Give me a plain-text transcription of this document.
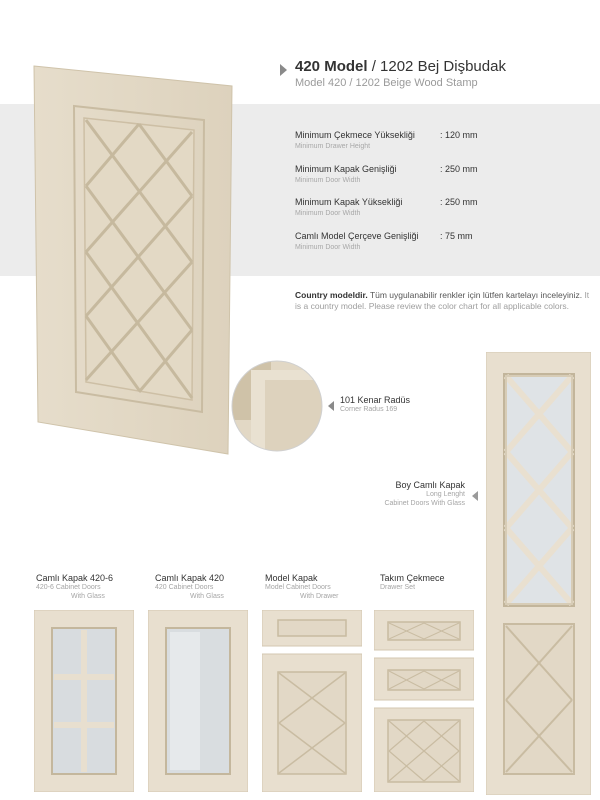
420 Model / 1202 Bej Dişbudak
Model 420 / 1202 Beige Wood Stamp
Minimum Çekmece Yüksekliği	: 120 mm
Minimum Drawer Height
Minimum Kapak Genişliği	: 250 mm
Minimum Door Width
Minimum Kapak Yüksekliği	: 250 mm
Minimum Door Width
Camlı Model Çerçeve Genişliği : 75 mm
Minimum Door Width
Country modeldir. Tüm uygulanabilir renkler için lütfen kartelayı inceleyiniz. It is a country model. Please review the color chart for all applicable colors.
101 Kenar Radüs
Corner Radus 169
Boy Camlı Kapak
Long Lenght
Cabinet Doors With Glass
Camlı Kapak 420-6
420-6 Cabinet Doors
With Glass
Camlı Kapak 420
420 Cabinet Doors
With Glass
Model Kapak
Model Cabinet Doors
With Drawer
Takım Çekmece
Drawer Set
